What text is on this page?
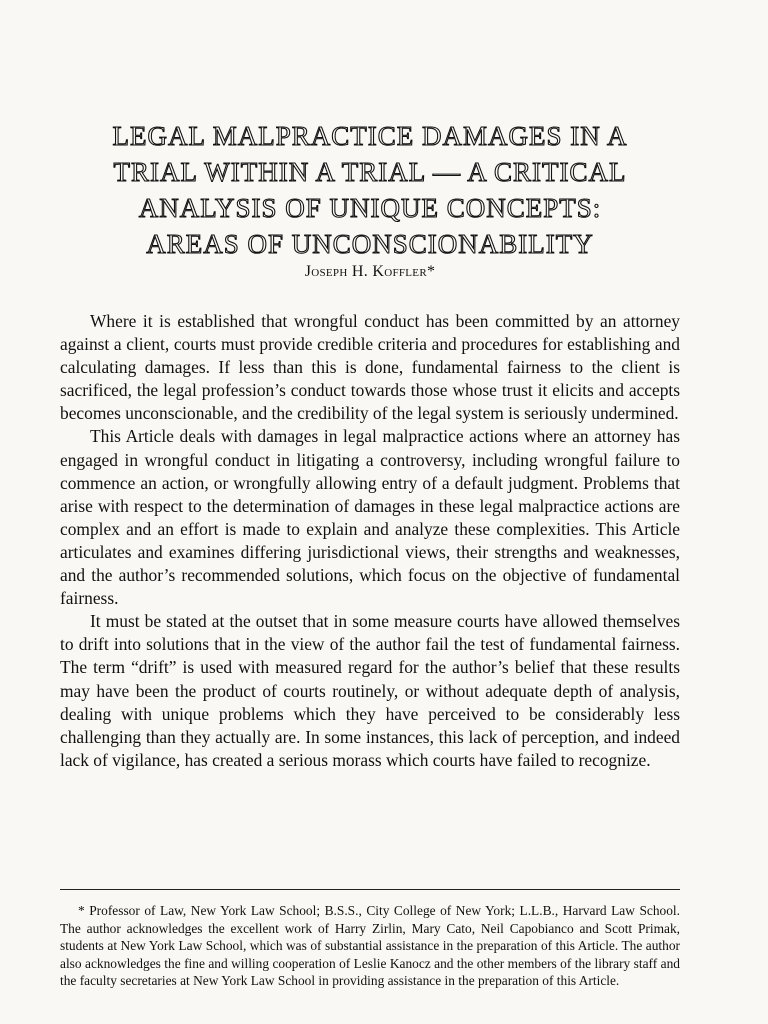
LEGAL MALPRACTICE DAMAGES IN A
TRIAL WITHIN A TRIAL — A CRITICAL
ANALYSIS OF UNIQUE CONCEPTS:
AREAS OF UNCONSCIONABILITY
Joseph H. Koffler*

Where it is established that wrongful conduct has been committed by an attorney against a client, courts must provide credible criteria and procedures for establishing and calculating damages. If less than this is done, fundamental fairness to the client is sacrificed, the legal profession’s conduct towards those whose trust it elicits and accepts becomes unconscionable, and the credibility of the legal system is seriously undermined.

This Article deals with damages in legal malpractice actions where an attorney has engaged in wrongful conduct in litigating a controversy, including wrongful failure to commence an action, or wrongfully allowing entry of a default judgment. Problems that arise with respect to the determination of damages in these legal malpractice actions are complex and an effort is made to explain and analyze these complexities. This Article articulates and examines differing jurisdictional views, their strengths and weaknesses, and the author’s recommended solutions, which focus on the objective of fundamental fairness.

It must be stated at the outset that in some measure courts have allowed themselves to drift into solutions that in the view of the author fail the test of fundamental fairness. The term “drift” is used with measured regard for the author’s belief that these results may have been the product of courts routinely, or without adequate depth of analysis, dealing with unique problems which they have perceived to be considerably less challenging than they actually are. In some instances, this lack of perception, and indeed lack of vigilance, has created a serious morass which courts have failed to recognize.

* Professor of Law, New York Law School; B.S.S., City College of New York; L.L.B., Harvard Law School. The author acknowledges the excellent work of Harry Zirlin, Mary Cato, Neil Capobianco and Scott Primak, students at New York Law School, which was of substantial assistance in the preparation of this Article. The author also acknowledges the fine and willing cooperation of Leslie Kanocz and the other members of the library staff and the faculty secretaries at New York Law School in providing assistance in the preparation of this Article.
